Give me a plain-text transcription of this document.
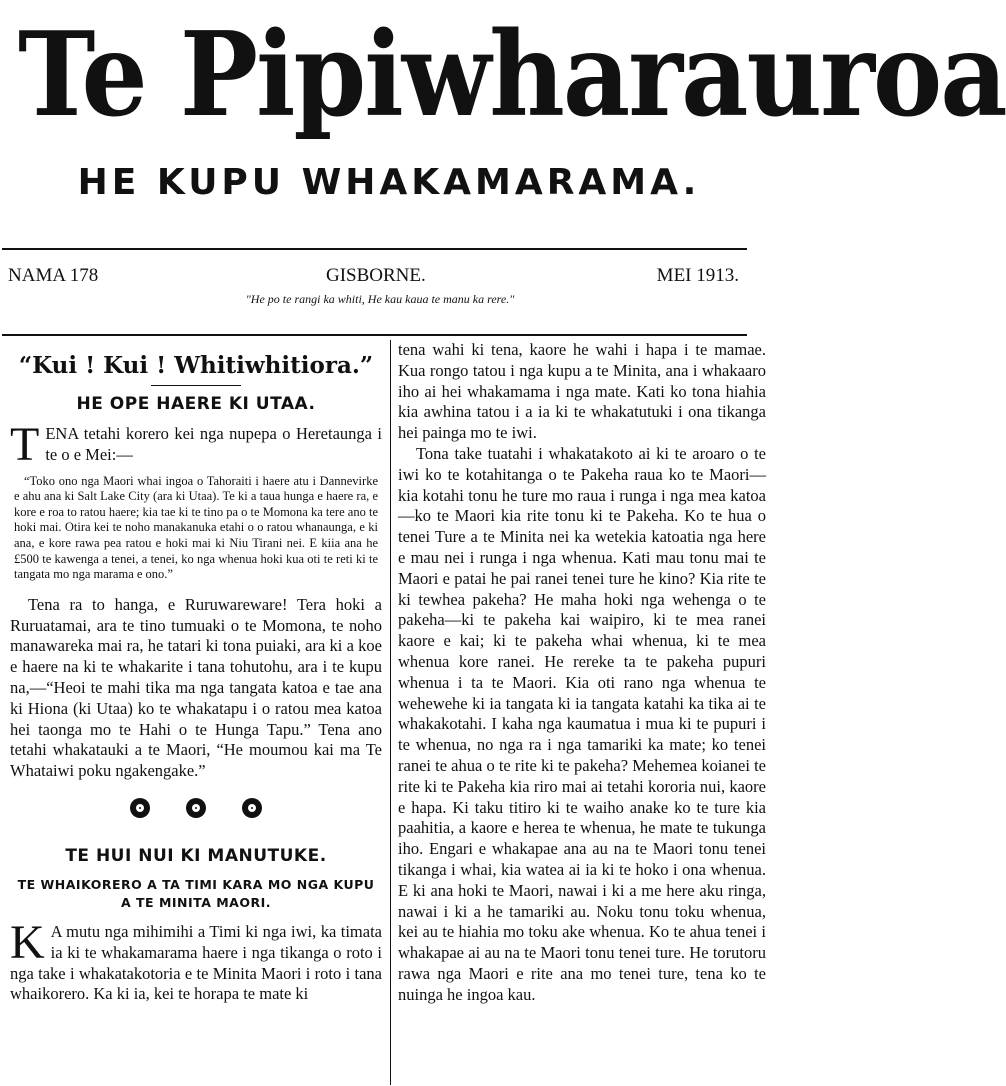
Te Pipiwharauroa
HE KUPU WHAKAMARAMA.
NAMA 178	GISBORNE.	MEI 1913.
"He po te rangi ka whiti, He kau kaua te manu ka rere."
“Kui ! Kui ! Whitiwhitiora.”
HE OPE HAERE KI UTAA.

TENA tetahi korero kei nga nupepa o Heretaunga i te o e Mei:—

“Toko ono nga Maori whai ingoa o Tahoraiti i haere atu i Dannevirke e ahu ana ki Salt Lake City (ara ki Utaa). Te ki a taua hunga e haere ra, e kore e roa to ratou haere; kia tae ki te tino pa o te Momona ka tere ano te hoki mai. Otira kei te noho manakanuka etahi o o ratou whanaunga, e ki ana, e kore rawa pea ratou e hoki mai ki Niu Tirani nei. E kiia ana he £500 te kawenga a tenei, a tenei, ko nga whenua hoki kua oti te reti ki te tangata mo nga marama e ono.”

Tena ra to hanga, e Ruruwareware! Tera hoki a Ruruatamai, ara te tino tumuaki o te Momona, te noho manawareka mai ra, he tatari ki tona puiaki, ara ki a koe e haere na ki te whakarite i tana tohutohu, ara i te kupu na,—“Heoi te mahi tika ma nga tangata katoa e tae ana ki Hiona (ki Utaa) ko te whakatapu i o ratou mea katoa hei taonga mo te Hahi o te Hunga Tapu.” Tena ano tetahi whakatauki a te Maori, “He moumou kai ma Te Whataiwi poku ngakengake.”

TE HUI NUI KI MANUTUKE.
TE WHAIKORERO A TA TIMI KARA MO NGA KUPU A TE MINITA MAORI.

K A mutu nga mihimihi a Timi ki nga iwi, ka timata ia ki te whakamarama haere i nga tikanga o roto i nga take i whakatakotoria e te Minita Maori i roto i tana whaikorero. Ka ki ia, kei te horapa te mate ki

tena wahi ki tena, kaore he wahi i hapa i te mamae. Kua rongo tatou i nga kupu a te Minita, ana i whakaaro iho ai hei whakamama i nga mate. Kati ko tona hiahia kia awhina tatou i a ia ki te whakatutuki i ona tikanga hei painga mo te iwi.

Tona take tuatahi i whakatakoto ai ki te aroaro o te iwi ko te kotahitanga o te Pakeha raua ko te Maori—kia kotahi tonu he ture mo raua i runga i nga mea katoa—ko te Maori kia rite tonu ki te Pakeha. Ko te hua o tenei Ture a te Minita nei ka wetekia katoatia nga here e mau nei i runga i nga whenua. Kati mau tonu mai te Maori e patai he pai ranei tenei ture he kino? Kia rite te ki tewhea pakeha? He maha hoki nga wehenga o te pakeha—ki te pakeha kai waipiro, ki te mea ranei kaore e kai; ki te pakeha whai whenua, ki te mea whenua kore ranei. He rereke ta te pakeha pupuri whenua i ta te Maori. Kia oti rano nga whenua te wehewehe ki ia tangata ki ia tangata katahi ka tika ai te whakakotahi. I kaha nga kaumatua i mua ki te pupuri i te whenua, no nga ra i nga tamariki ka mate; ko tenei ranei te ahua o te rite ki te pakeha? Mehemea koianei te rite ki te Pakeha kia riro mai ai tetahi kororia nui, kaore e hapa. Ki taku titiro ki te waiho anake ko te ture kia paahitia, a kaore e herea te whenua, he mate te tukunga iho. Engari e whakapae ana au na te Maori tonu tenei tikanga i whai, kia watea ai ia ki te hoko i ona whenua. E ki ana hoki te Maori, nawai i ki a me here aku ringa, nawai i ki a he tamariki au. Noku tonu toku whenua, kei au te hiahia mo toku ake whenua. Ko te ahua tenei i whakapae ai au na te Maori tonu tenei ture. He torutoru rawa nga Maori e rite ana mo tenei ture, tena ko te nuinga he ingoa kau.
